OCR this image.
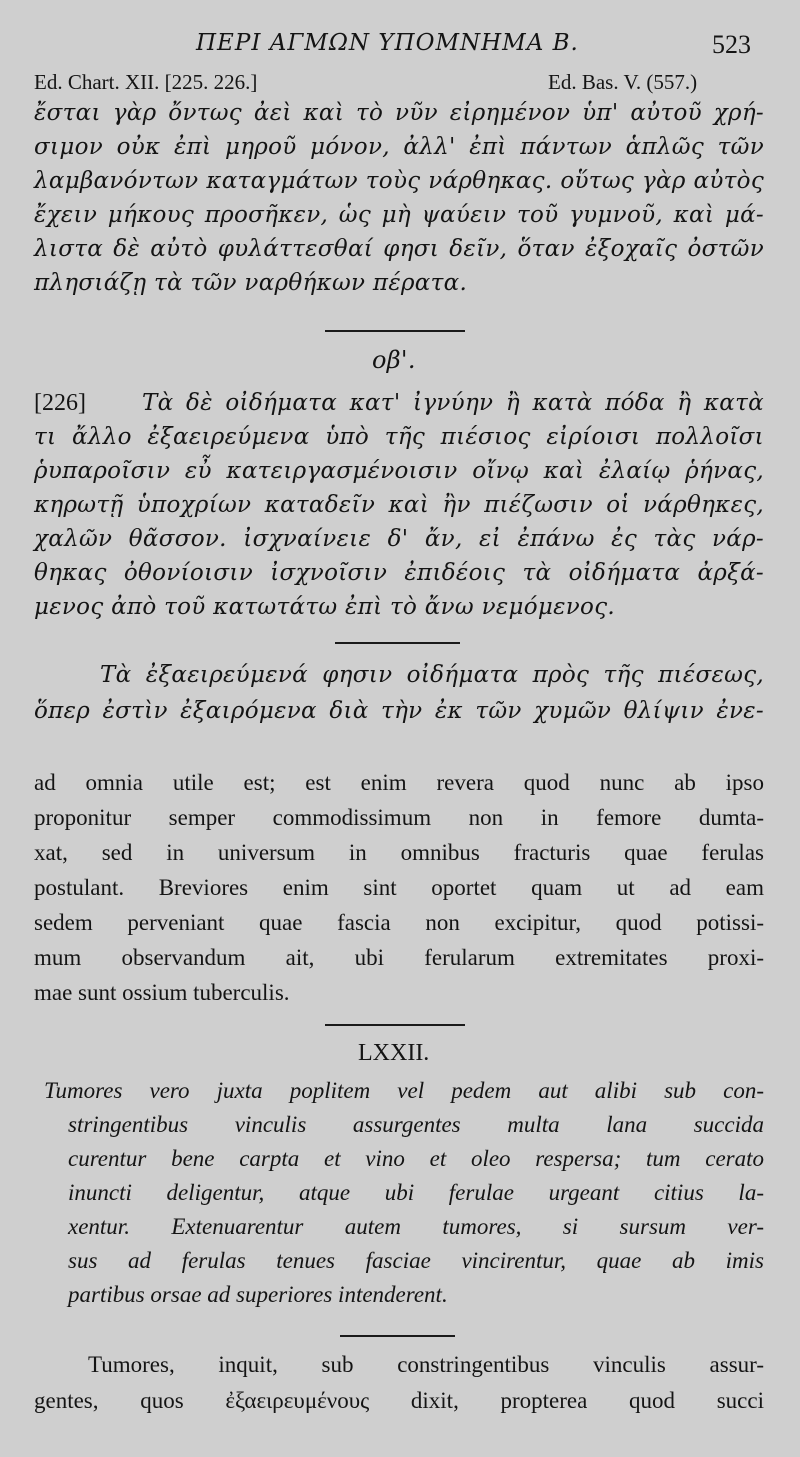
ΠΕΡΙ ΑΓΜΩΝ ΥΠΟΜΝΗΜΑ Β.	523
Ed. Chart. XII. [225. 226.]	Ed. Bas. V. (557.)
ἔσται γὰρ ὄντως ἀεὶ καὶ τὸ νῦν εἰρημένον ὑπ' αὐτοῦ χρή-
σιμον οὐκ ἐπὶ μηροῦ μόνον, ἀλλ' ἐπὶ πάντων ἁπλῶς τῶν
λαμβανόντων καταγμάτων τοὺς νάρθηκας. οὕτως γὰρ αὐτὸς
ἔχειν μήκους προσῆκεν, ὡς μὴ ψαύειν τοῦ γυμνοῦ, καὶ μά-
λιστα δὲ αὐτὸ φυλάττεσθαί φησι δεῖν, ὅταν ἐξοχαῖς ὀστῶν
πλησιάζῃ τὰ τῶν ναρθήκων πέρατα.
οβ'.
[226] Τὰ δὲ οἰδήματα κατ' ἰγνύην ἢ κατὰ πόδα ἢ κατὰ
τι ἄλλο ἐξαειρεύμενα ὑπὸ τῆς πιέσιος εἰρίοισι πολλοῖσι
ῥυπαροῖσιν εὖ κατειργασμένοισιν οἴνῳ καὶ ἐλαίῳ ῥήνας,
κηρωτῇ ὑποχρίων καταδεῖν καὶ ἢν πιέζωσιν οἱ νάρθηκες,
χαλῶν θᾶσσον. ἰσχναίνειε δ' ἄν, εἰ ἐπάνω ἐς τὰς νάρ-
θηκας ὀθονίοισιν ἰσχνοῖσιν ἐπιδέοις τὰ οἰδήματα ἀρξά-
μενος ἀπὸ τοῦ κατωτάτω ἐπὶ τὸ ἄνω νεμόμενος.
Τὰ ἐξαειρεύμενά φησιν οἰδήματα πρὸς τῆς πιέσεως,
ὅπερ ἐστὶν ἐξαιρόμενα διὰ τὴν ἐκ τῶν χυμῶν θλίψιν ἐνε-
ad omnia utile est; est enim revera quod nunc ab ipso
proponitur semper commodissimum non in femore dumta-
xat, sed in universum in omnibus fracturis quae ferulas
postulant. Breviores enim sint oportet quam ut ad eam
sedem perveniant quae fascia non excipitur, quod potissi-
mum observandum ait, ubi ferularum extremitates proxi-
mae sunt ossium tuberculis.
LXXII.
Tumores vero juxta poplitem vel pedem aut alibi sub con-
stringentibus vinculis assurgentes multa lana succida
curentur bene carpta et vino et oleo respersa; tum cerato
inuncti deligentur, atque ubi ferulae urgeant citius la-
xentur. Extenuarentur autem tumores, si sursum ver-
sus ad ferulas tenues fasciae vincirentur, quae ab imis
partibus orsae ad superiores intenderent.
Tumores, inquit, sub constringentibus vinculis assur-
gentes, quos ἐξαειρευμένους dixit, propterea quod succi
